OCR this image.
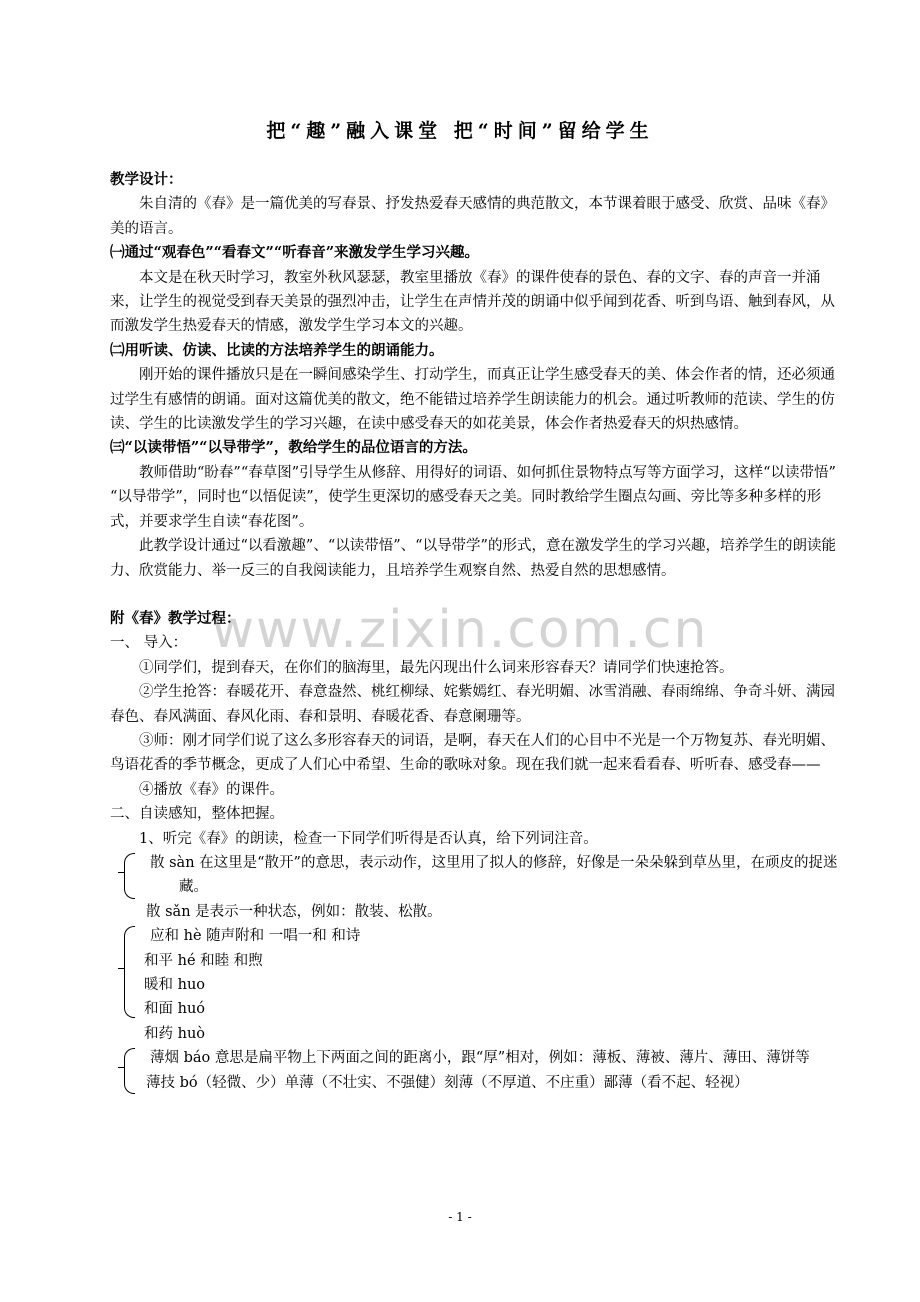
把“趣”融入课堂 把“时间”留给学生
www.zixin.com.cn

教学设计：

朱自清的《春》是一篇优美的写春景、抒发热爱春天感情的典范散文，本节课着眼于感受、欣赏、品味《春》美的语言。

㈠通过“观春色”“看春文”“听春音”来激发学生学习兴趣。

本文是在秋天时学习，教室外秋风瑟瑟，教室里播放《春》的课件使春的景色、春的文字、春的声音一并涌来，让学生的视觉受到春天美景的强烈冲击，让学生在声情并茂的朗诵中似乎闻到花香、听到鸟语、触到春风，从而激发学生热爱春天的情感，激发学生学习本文的兴趣。

㈡用听读、仿读、比读的方法培养学生的朗诵能力。

刚开始的课件播放只是在一瞬间感染学生、打动学生，而真正让学生感受春天的美、体会作者的情，还必须通过学生有感情的朗诵。面对这篇优美的散文，绝不能错过培养学生朗读能力的机会。通过听教师的范读、学生的仿读、学生的比读激发学生的学习兴趣，在读中感受春天的如花美景，体会作者热爱春天的炽热感情。

㈢“以读带悟”“以导带学”，教给学生的品位语言的方法。

教师借助“盼春”“春草图”引导学生从修辞、用得好的词语、如何抓住景物特点写等方面学习，这样“以读带悟” “以导带学”，同时也“以悟促读”，使学生更深切的感受春天之美。同时教给学生圈点勾画、旁比等多种多样的形式，并要求学生自读“春花图”。

此教学设计通过“以看激趣”、“以读带悟”、“以导带学”的形式，意在激发学生的学习兴趣，培养学生的朗读能力、欣赏能力、举一反三的自我阅读能力，且培养学生观察自然、热爱自然的思想感情。

附《春》教学过程：

一、 导入：

①同学们，提到春天，在你们的脑海里，最先闪现出什么词来形容春天？请同学们快速抢答。

②学生抢答：春暖花开、春意盎然、桃红柳绿、姹紫嫣红、春光明媚、冰雪消融、春雨绵绵、争奇斗妍、满园春色、春风满面、春风化雨、春和景明、春暖花香、春意阑珊等。

③师：刚才同学们说了这么多形容春天的词语，是啊，春天在人们的心目中不光是一个万物复苏、春光明媚、鸟语花香的季节概念，更成了人们心中希望、生命的歌咏对象。现在我们就一起来看看春、听听春、感受春——

④播放《春》的课件。

二、自读感知，整体把握。

1、听完《春》的朗读，检查一下同学们听得是否认真，给下列词注音。

散 sàn 在这里是“散开”的意思，表示动作，这里用了拟人的修辞，好像是一朵朵躲到草丛里，在顽皮的捉迷藏。

散 sǎn 是表示一种状态，例如：散装、松散。

应和 hè 随声附和 一唱一和 和诗

和平 hé 和睦 和煦

暖和 huo

和面 huó

和药 huò

薄烟 báo 意思是扁平物上下两面之间的距离小，跟“厚”相对，例如：薄板、薄被、薄片、薄田、薄饼等

薄技 bó（轻微、少）单薄（不壮实、不强健）刻薄（不厚道、不庄重）鄙薄（看不起、轻视）

- 1 -
